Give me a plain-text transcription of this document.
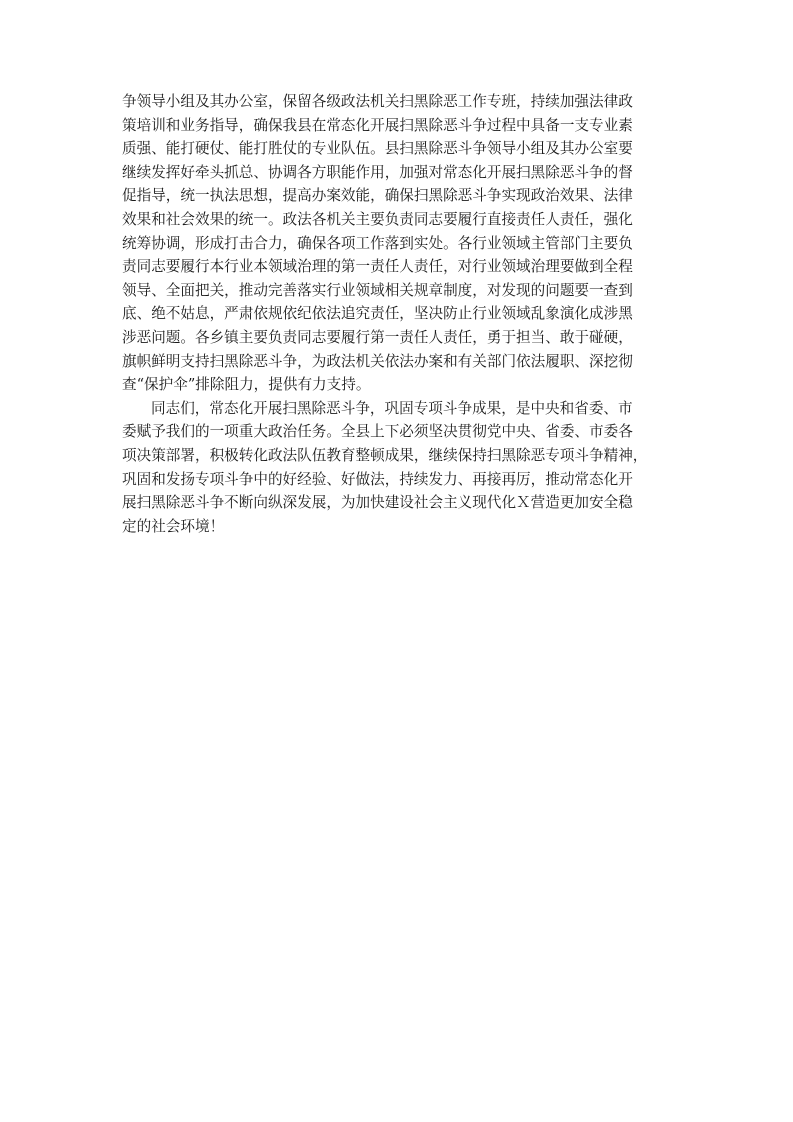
争领导小组及其办公室，保留各级政法机关扫黑除恶工作专班，持续加强法律政
策培训和业务指导，确保我县在常态化开展扫黑除恶斗争过程中具备一支专业素
质强、能打硬仗、能打胜仗的专业队伍。县扫黑除恶斗争领导小组及其办公室要
继续发挥好牵头抓总、协调各方职能作用，加强对常态化开展扫黑除恶斗争的督
促指导，统一执法思想，提高办案效能，确保扫黑除恶斗争实现政治效果、法律
效果和社会效果的统一。政法各机关主要负责同志要履行直接责任人责任，强化
统筹协调，形成打击合力，确保各项工作落到实处。各行业领域主管部门主要负
责同志要履行本行业本领域治理的第一责任人责任，对行业领域治理要做到全程
领导、全面把关，推动完善落实行业领域相关规章制度，对发现的问题要一查到
底、绝不姑息，严肃依规依纪依法追究责任，坚决防止行业领域乱象演化成涉黑
涉恶问题。各乡镇主要负责同志要履行第一责任人责任，勇于担当、敢于碰硬，
旗帜鲜明支持扫黑除恶斗争，为政法机关依法办案和有关部门依法履职、深挖彻
查“保护伞”排除阻力，提供有力支持。
同志们，常态化开展扫黑除恶斗争，巩固专项斗争成果，是中央和省委、市
委赋予我们的一项重大政治任务。全县上下必须坚决贯彻党中央、省委、市委各
项决策部署，积极转化政法队伍教育整顿成果，继续保持扫黑除恶专项斗争精神，
巩固和发扬专项斗争中的好经验、好做法，持续发力、再接再厉，推动常态化开
展扫黑除恶斗争不断向纵深发展，为加快建设社会主义现代化Ｘ营造更加安全稳
定的社会环境！
